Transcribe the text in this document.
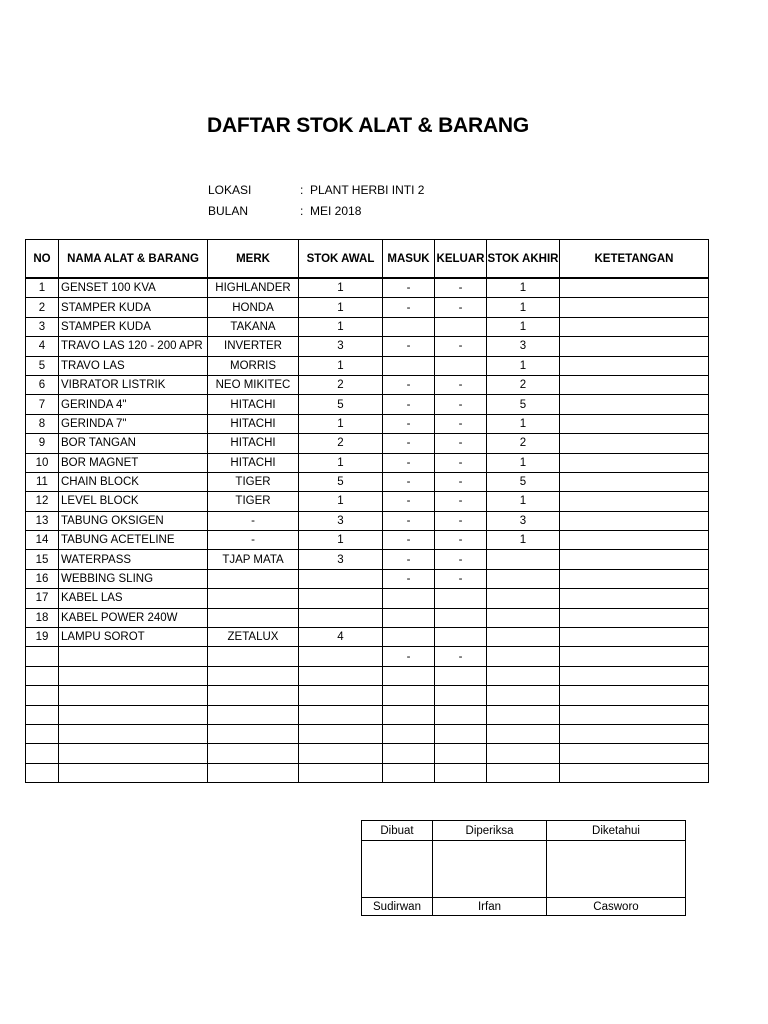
DAFTAR STOK ALAT & BARANG
LOKASI	: PLANT HERBI INTI 2
BULAN	: MEI 2018
NO	NAMA ALAT & BARANG	MERK	STOK AWAL	MASUK	KELUAR	STOK AKHIR	KETETANGAN
1	GENSET 100 KVA	HIGHLANDER	1	-	-	1	
2	STAMPER KUDA	HONDA	1	-	-	1	
3	STAMPER KUDA	TAKANA	1			1	
4	TRAVO LAS 120 - 200 APR	INVERTER	3	-	-	3	
5	TRAVO LAS	MORRIS	1			1	
6	VIBRATOR LISTRIK	NEO MIKITEC	2	-	-	2	
7	GERINDA 4"	HITACHI	5	-	-	5	
8	GERINDA 7"	HITACHI	1	-	-	1	
9	BOR TANGAN	HITACHI	2	-	-	2	
10	BOR MAGNET	HITACHI	1	-	-	1	
11	CHAIN BLOCK	TIGER	5	-	-	5	
12	LEVEL BLOCK	TIGER	1	-	-	1	
13	TABUNG OKSIGEN	-	3	-	-	3	
14	TABUNG ACETELINE	-	1	-	-	1	
15	WATERPASS	TJAP MATA	3	-	-		
16	WEBBING SLING			-	-		
17	KABEL LAS						
18	KABEL POWER 240W						
19	LAMPU SOROT	ZETALUX	4				
				-	-		

Dibuat	Diperiksa	Diketahui

Sudirwan	Irfan	Casworo
